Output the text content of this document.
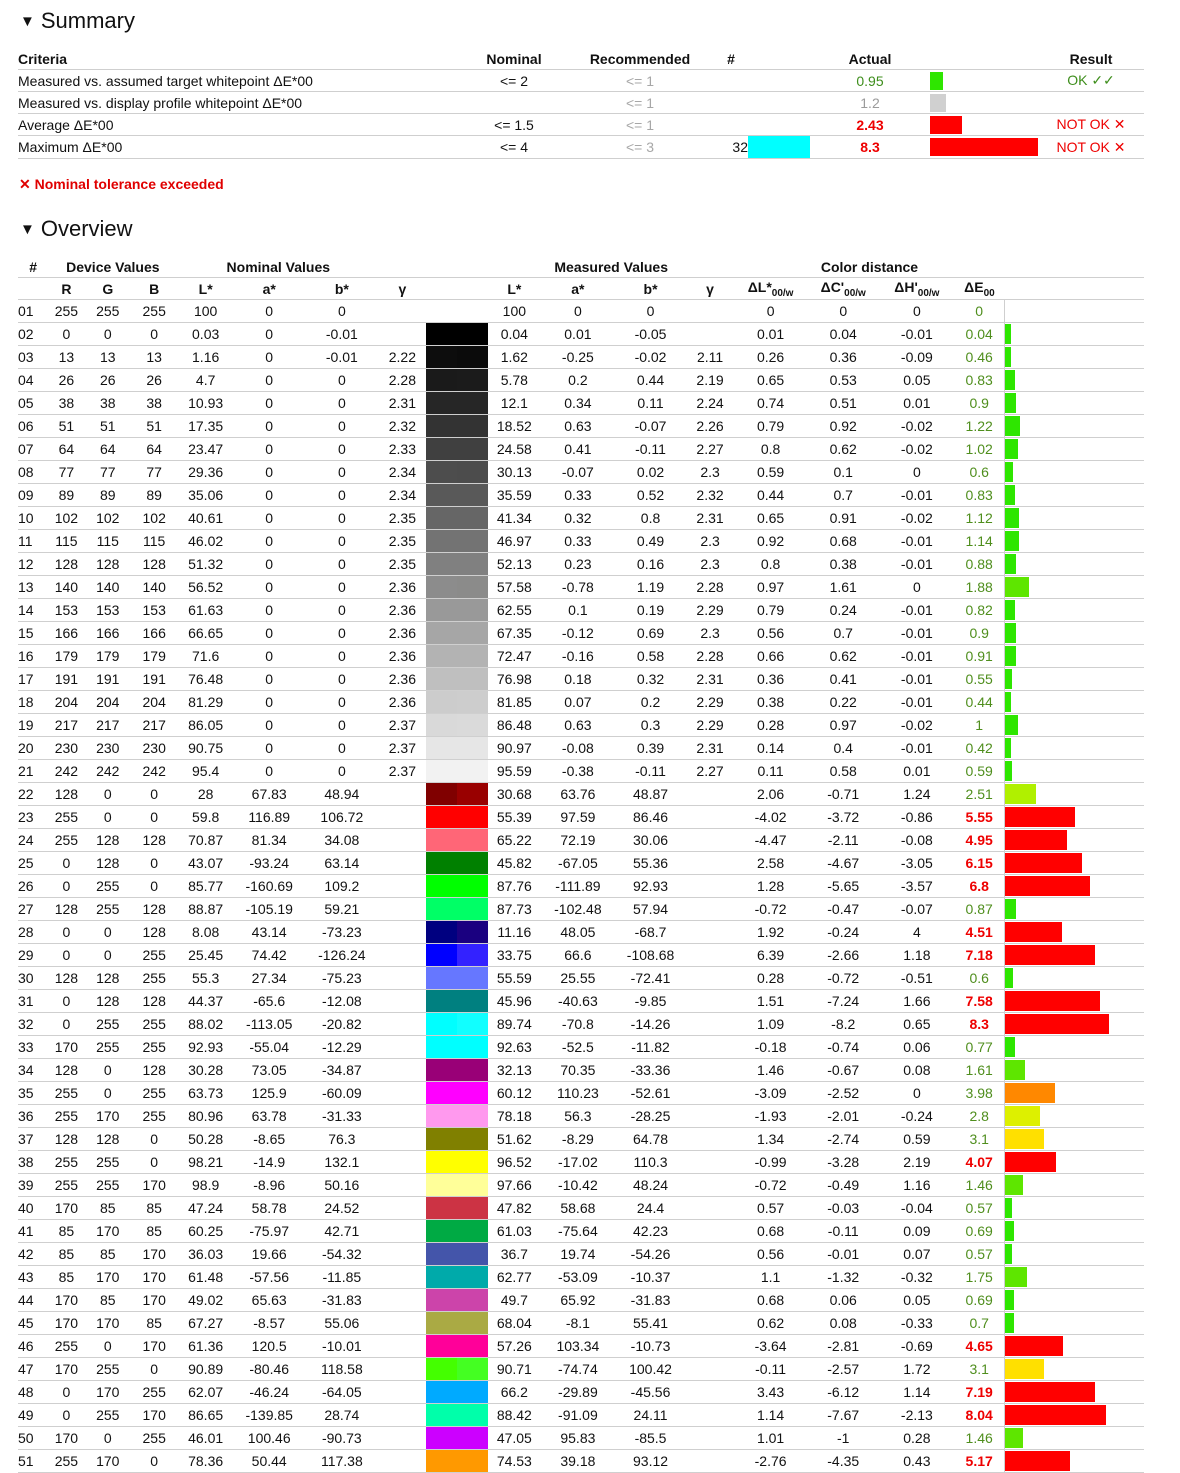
▼ Summary
Criteria	Nominal	Recommended	#		Actual		Result
Measured vs. assumed target whitepoint ΔE*00	<= 2	<= 1			0.95		OK ✓✓
Measured vs. display profile whitepoint ΔE*00		<= 1			1.2	

Average ΔE*00	<= 1.5	<= 1			2.43		NOT OK ✕
Maximum ΔE*00	<= 4	<= 3	32		8.3		NOT OK ✕
✕ Nominal tolerance exceeded
▼ Overview
#	Device Values			Nominal Values						Measured Values				Color distance				
	R	G	B	L*	a*	b*	γ			L*	a*	b*	γ	$\Delta L*_{00/w}$	$\Delta C'_{00/w}$	$\Delta H'_{00/w}$	$\Delta E_{00}$	
01	255	255	255	100	0	0				100	0	0		0	0	0	0	
02	0	0	0	0.03	0	-0.01				0.04	0.01	-0.05		0.01	0.04	-0.01	0.04	

03	13	13	13	1.16	0	-0.01	2.22			1.62	-0.25	-0.02	2.11	0.26	0.36	-0.09	0.46	

04	26	26	26	4.7	0	0	2.28			5.78	0.2	0.44	2.19	0.65	0.53	0.05	0.83	

05	38	38	38	10.93	0	0	2.31			12.1	0.34	0.11	2.24	0.74	0.51	0.01	0.9	

06	51	51	51	17.35	0	0	2.32			18.52	0.63	-0.07	2.26	0.79	0.92	-0.02	1.22	

07	64	64	64	23.47	0	0	2.33			24.58	0.41	-0.11	2.27	0.8	0.62	-0.02	1.02	

08	77	77	77	29.36	0	0	2.34			30.13	-0.07	0.02	2.3	0.59	0.1	0	0.6	

09	89	89	89	35.06	0	0	2.34			35.59	0.33	0.52	2.32	0.44	0.7	-0.01	0.83	

10	102	102	102	40.61	0	0	2.35			41.34	0.32	0.8	2.31	0.65	0.91	-0.02	1.12	

11	115	115	115	46.02	0	0	2.35			46.97	0.33	0.49	2.3	0.92	0.68	-0.01	1.14	

12	128	128	128	51.32	0	0	2.35			52.13	0.23	0.16	2.3	0.8	0.38	-0.01	0.88	

13	140	140	140	56.52	0	0	2.36			57.58	-0.78	1.19	2.28	0.97	1.61	0	1.88	

14	153	153	153	61.63	0	0	2.36			62.55	0.1	0.19	2.29	0.79	0.24	-0.01	0.82	

15	166	166	166	66.65	0	0	2.36			67.35	-0.12	0.69	2.3	0.56	0.7	-0.01	0.9	

16	179	179	179	71.6	0	0	2.36			72.47	-0.16	0.58	2.28	0.66	0.62	-0.01	0.91	

17	191	191	191	76.48	0	0	2.36			76.98	0.18	0.32	2.31	0.36	0.41	-0.01	0.55	

18	204	204	204	81.29	0	0	2.36			81.85	0.07	0.2	2.29	0.38	0.22	-0.01	0.44	

19	217	217	217	86.05	0	0	2.37			86.48	0.63	0.3	2.29	0.28	0.97	-0.02	1	

20	230	230	230	90.75	0	0	2.37			90.97	-0.08	0.39	2.31	0.14	0.4	-0.01	0.42	

21	242	242	242	95.4	0	0	2.37			95.59	-0.38	-0.11	2.27	0.11	0.58	0.01	0.59	

22	128	0	0	28	67.83	48.94				30.68	63.76	48.87		2.06	-0.71	1.24	2.51	

23	255	0	0	59.8	116.89	106.72				55.39	97.59	86.46		-4.02	-3.72	-0.86	5.55	

24	255	128	128	70.87	81.34	34.08				65.22	72.19	30.06		-4.47	-2.11	-0.08	4.95	

25	0	128	0	43.07	-93.24	63.14				45.82	-67.05	55.36		2.58	-4.67	-3.05	6.15	

26	0	255	0	85.77	-160.69	109.2				87.76	-111.89	92.93		1.28	-5.65	-3.57	6.8	

27	128	255	128	88.87	-105.19	59.21				87.73	-102.48	57.94		-0.72	-0.47	-0.07	0.87	

28	0	0	128	8.08	43.14	-73.23				11.16	48.05	-68.7		1.92	-0.24	4	4.51	

29	0	0	255	25.45	74.42	-126.24				33.75	66.6	-108.68		6.39	-2.66	1.18	7.18	

30	128	128	255	55.3	27.34	-75.23				55.59	25.55	-72.41		0.28	-0.72	-0.51	0.6	

31	0	128	128	44.37	-65.6	-12.08				45.96	-40.63	-9.85		1.51	-7.24	1.66	7.58	

32	0	255	255	88.02	-113.05	-20.82				89.74	-70.8	-14.26		1.09	-8.2	0.65	8.3	

33	170	255	255	92.93	-55.04	-12.29				92.63	-52.5	-11.82		-0.18	-0.74	0.06	0.77	

34	128	0	128	30.28	73.05	-34.87				32.13	70.35	-33.36		1.46	-0.67	0.08	1.61	

35	255	0	255	63.73	125.9	-60.09				60.12	110.23	-52.61		-3.09	-2.52	0	3.98	

36	255	170	255	80.96	63.78	-31.33				78.18	56.3	-28.25		-1.93	-2.01	-0.24	2.8	

37	128	128	0	50.28	-8.65	76.3				51.62	-8.29	64.78		1.34	-2.74	0.59	3.1	

38	255	255	0	98.21	-14.9	132.1				96.52	-17.02	110.3		-0.99	-3.28	2.19	4.07	

39	255	255	170	98.9	-8.96	50.16				97.66	-10.42	48.24		-0.72	-0.49	1.16	1.46	

40	170	85	85	47.24	58.78	24.52				47.82	58.68	24.4		0.57	-0.03	-0.04	0.57	

41	85	170	85	60.25	-75.97	42.71				61.03	-75.64	42.23		0.68	-0.11	0.09	0.69	

42	85	85	170	36.03	19.66	-54.32				36.7	19.74	-54.26		0.56	-0.01	0.07	0.57	

43	85	170	170	61.48	-57.56	-11.85				62.77	-53.09	-10.37		1.1	-1.32	-0.32	1.75	

44	170	85	170	49.02	65.63	-31.83				49.7	65.92	-31.83		0.68	0.06	0.05	0.69	

45	170	170	85	67.27	-8.57	55.06				68.04	-8.1	55.41		0.62	0.08	-0.33	0.7	

46	255	0	170	61.36	120.5	-10.01				57.26	103.34	-10.73		-3.64	-2.81	-0.69	4.65	

47	170	255	0	90.89	-80.46	118.58				90.71	-74.74	100.42		-0.11	-2.57	1.72	3.1	

48	0	170	255	62.07	-46.24	-64.05				66.2	-29.89	-45.56		3.43	-6.12	1.14	7.19	

49	0	255	170	86.65	-139.85	28.74				88.42	-91.09	24.11		1.14	-7.67	-2.13	8.04	

50	170	0	255	46.01	100.46	-90.73				47.05	95.83	-85.5		1.01	-1	0.28	1.46	

51	255	170	0	78.36	50.44	117.38				74.53	39.18	93.12		-2.76	-4.35	0.43	5.17	
